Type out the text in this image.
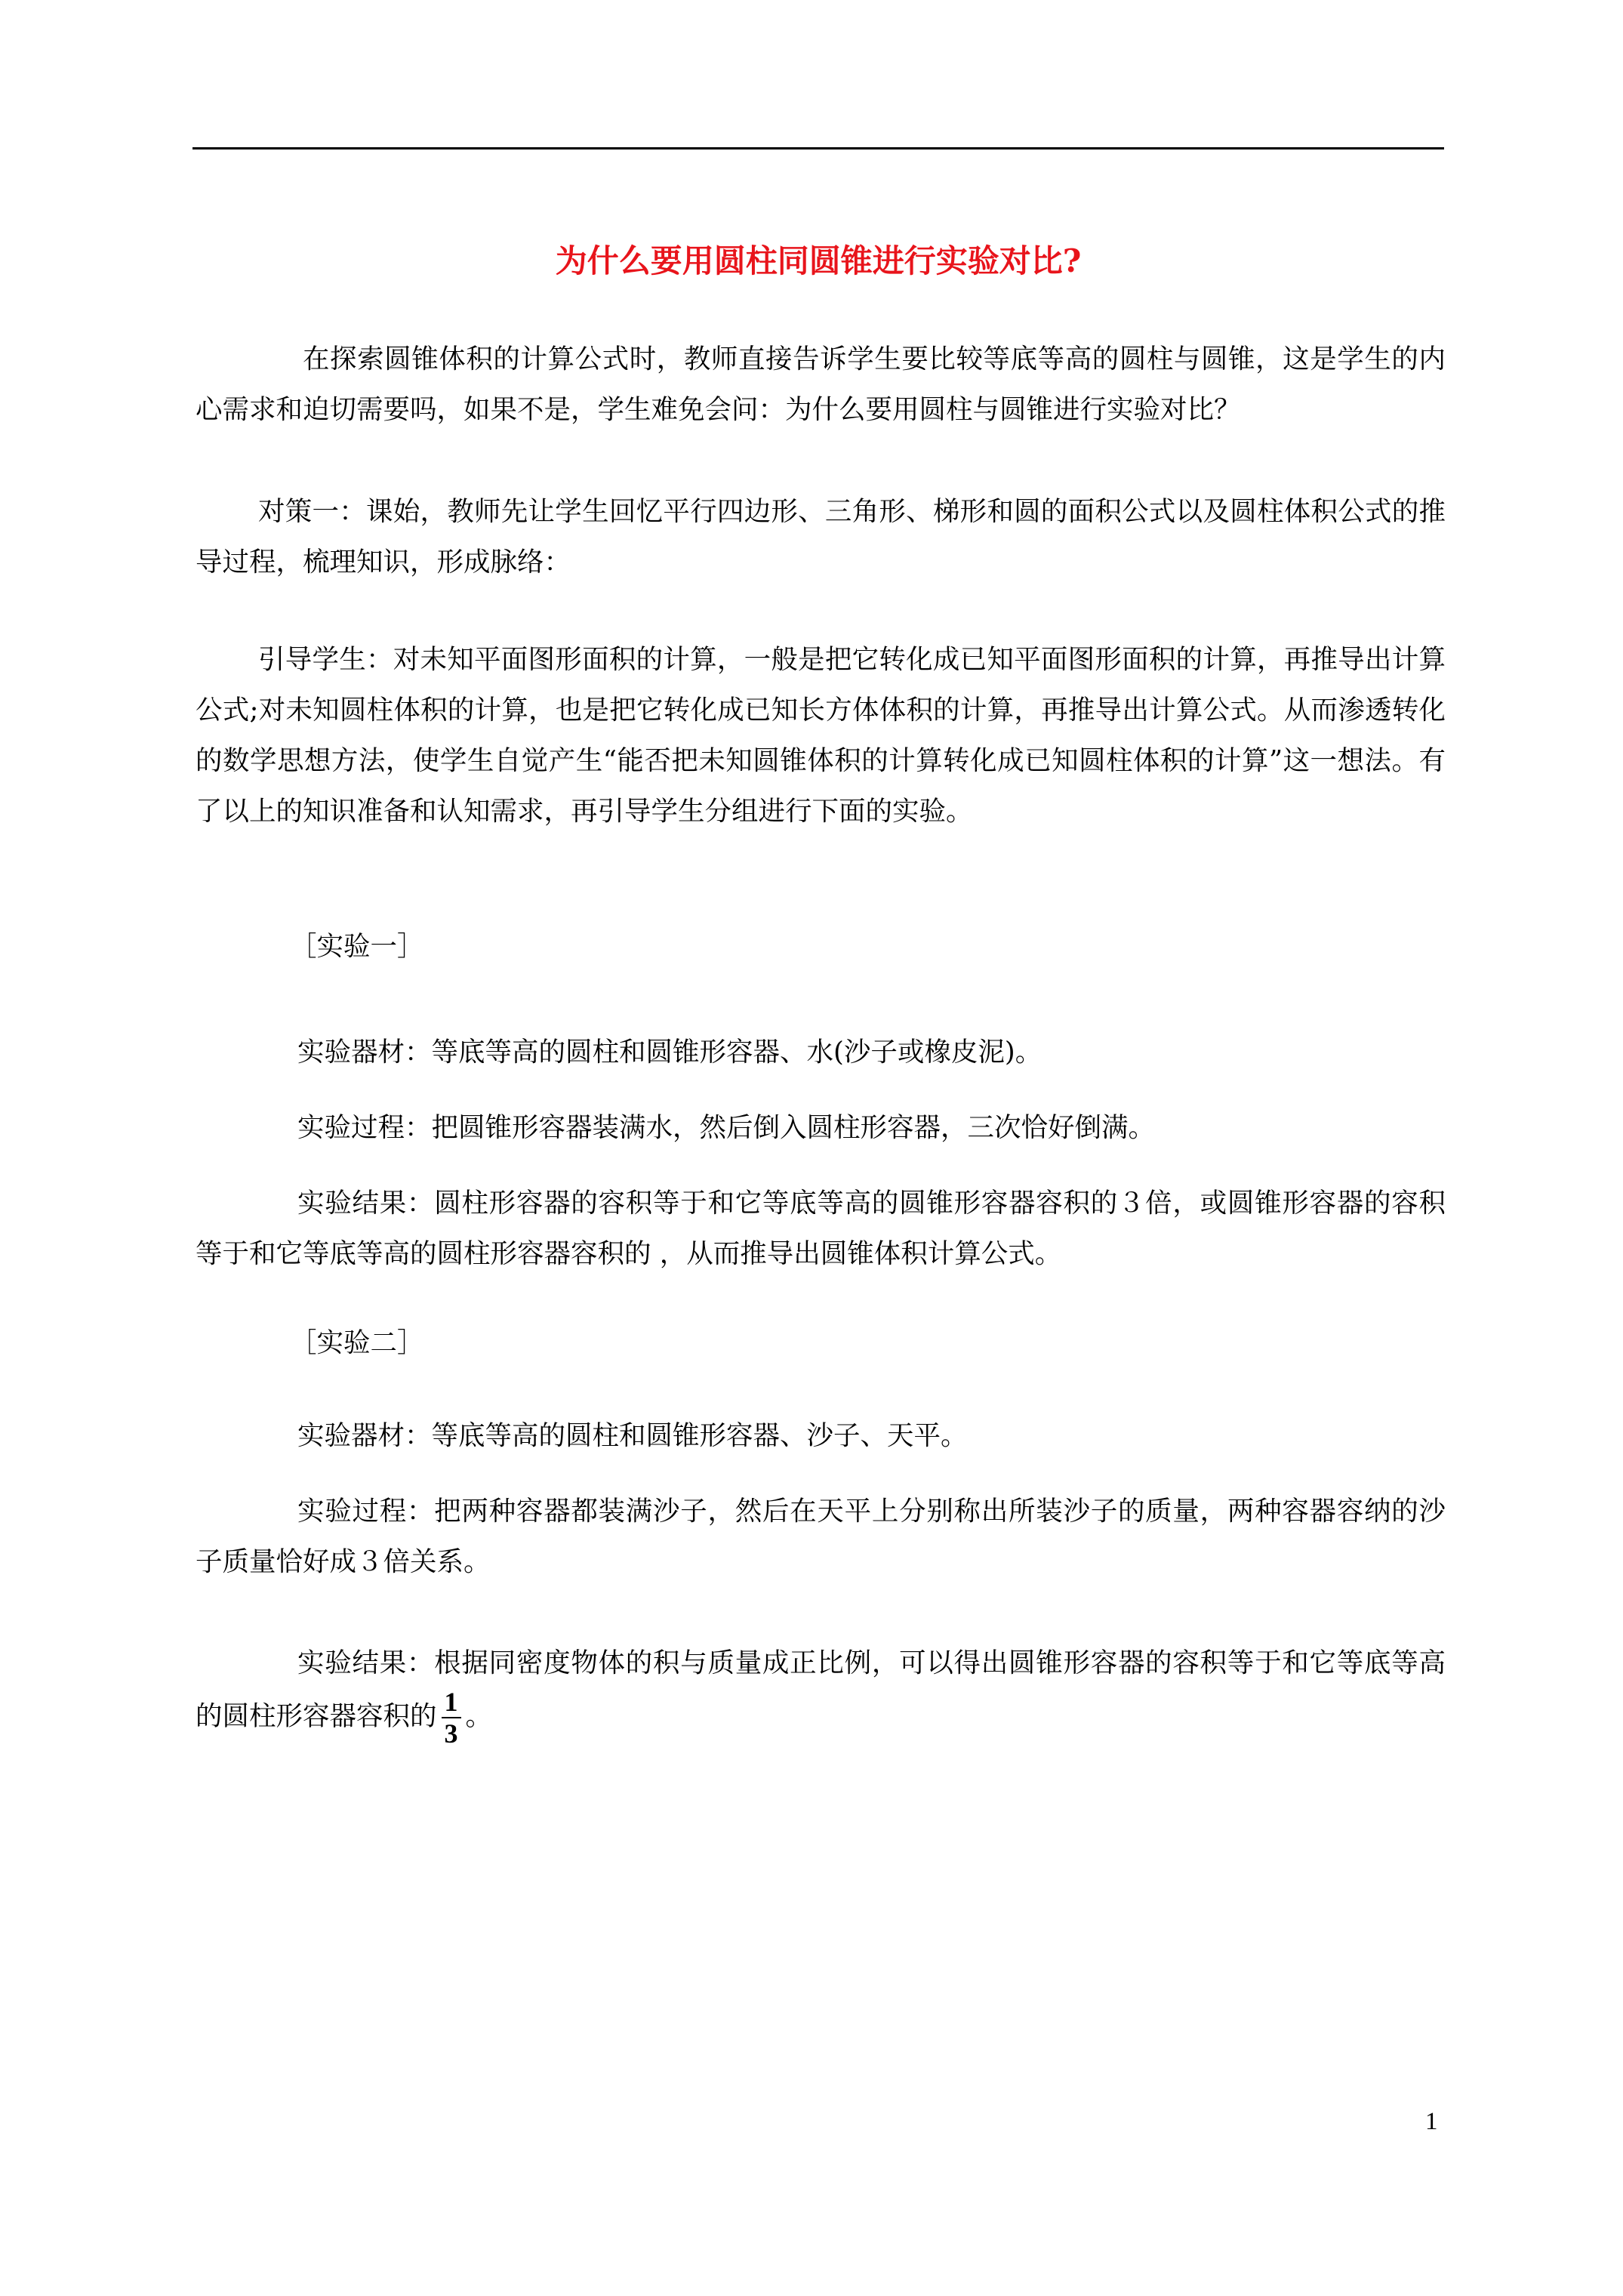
为什么要用圆柱同圆锥进行实验对比?
在探索圆锥体积的计算公式时，教师直接告诉学生要比较等底等高的圆柱与圆锥，这是学生的内心需求和迫切需要吗，如果不是，学生难免会问：为什么要用圆柱与圆锥进行实验对比？
对策一：课始，教师先让学生回忆平行四边形、三角形、梯形和圆的面积公式以及圆柱体积公式的推导过程，梳理知识，形成脉络：
引导学生：对未知平面图形面积的计算，一般是把它转化成已知平面图形面积的计算，再推导出计算公式;对未知圆柱体积的计算，也是把它转化成已知长方体体积的计算，再推导出计算公式。从而渗透转化的数学思想方法，使学生自觉产生“能否把未知圆锥体积的计算转化成已知圆柱体积的计算”这一想法。有了以上的知识准备和认知需求，再引导学生分组进行下面的实验。
［实验一］
实验器材：等底等高的圆柱和圆锥形容器、水(沙子或橡皮泥)。
实验过程：把圆锥形容器装满水，然后倒入圆柱形容器，三次恰好倒满。
实验结果：圆柱形容器的容积等于和它等底等高的圆锥形容器容积的３倍，或圆锥形容器的容积等于和它等底等高的圆柱形容器容积的 ，从而推导出圆锥体积计算公式。
［实验二］
实验器材：等底等高的圆柱和圆锥形容器、沙子、天平。
实验过程：把两种容器都装满沙子，然后在天平上分别称出所装沙子的质量，两种容器容纳的沙子质量恰好成３倍关系。
实验结果：根据同密度物体的积与质量成正比例，可以得出圆锥形容器的容积等于和它等底等高的圆柱形容器容积的 $\frac{1}{3}$ 。
1
